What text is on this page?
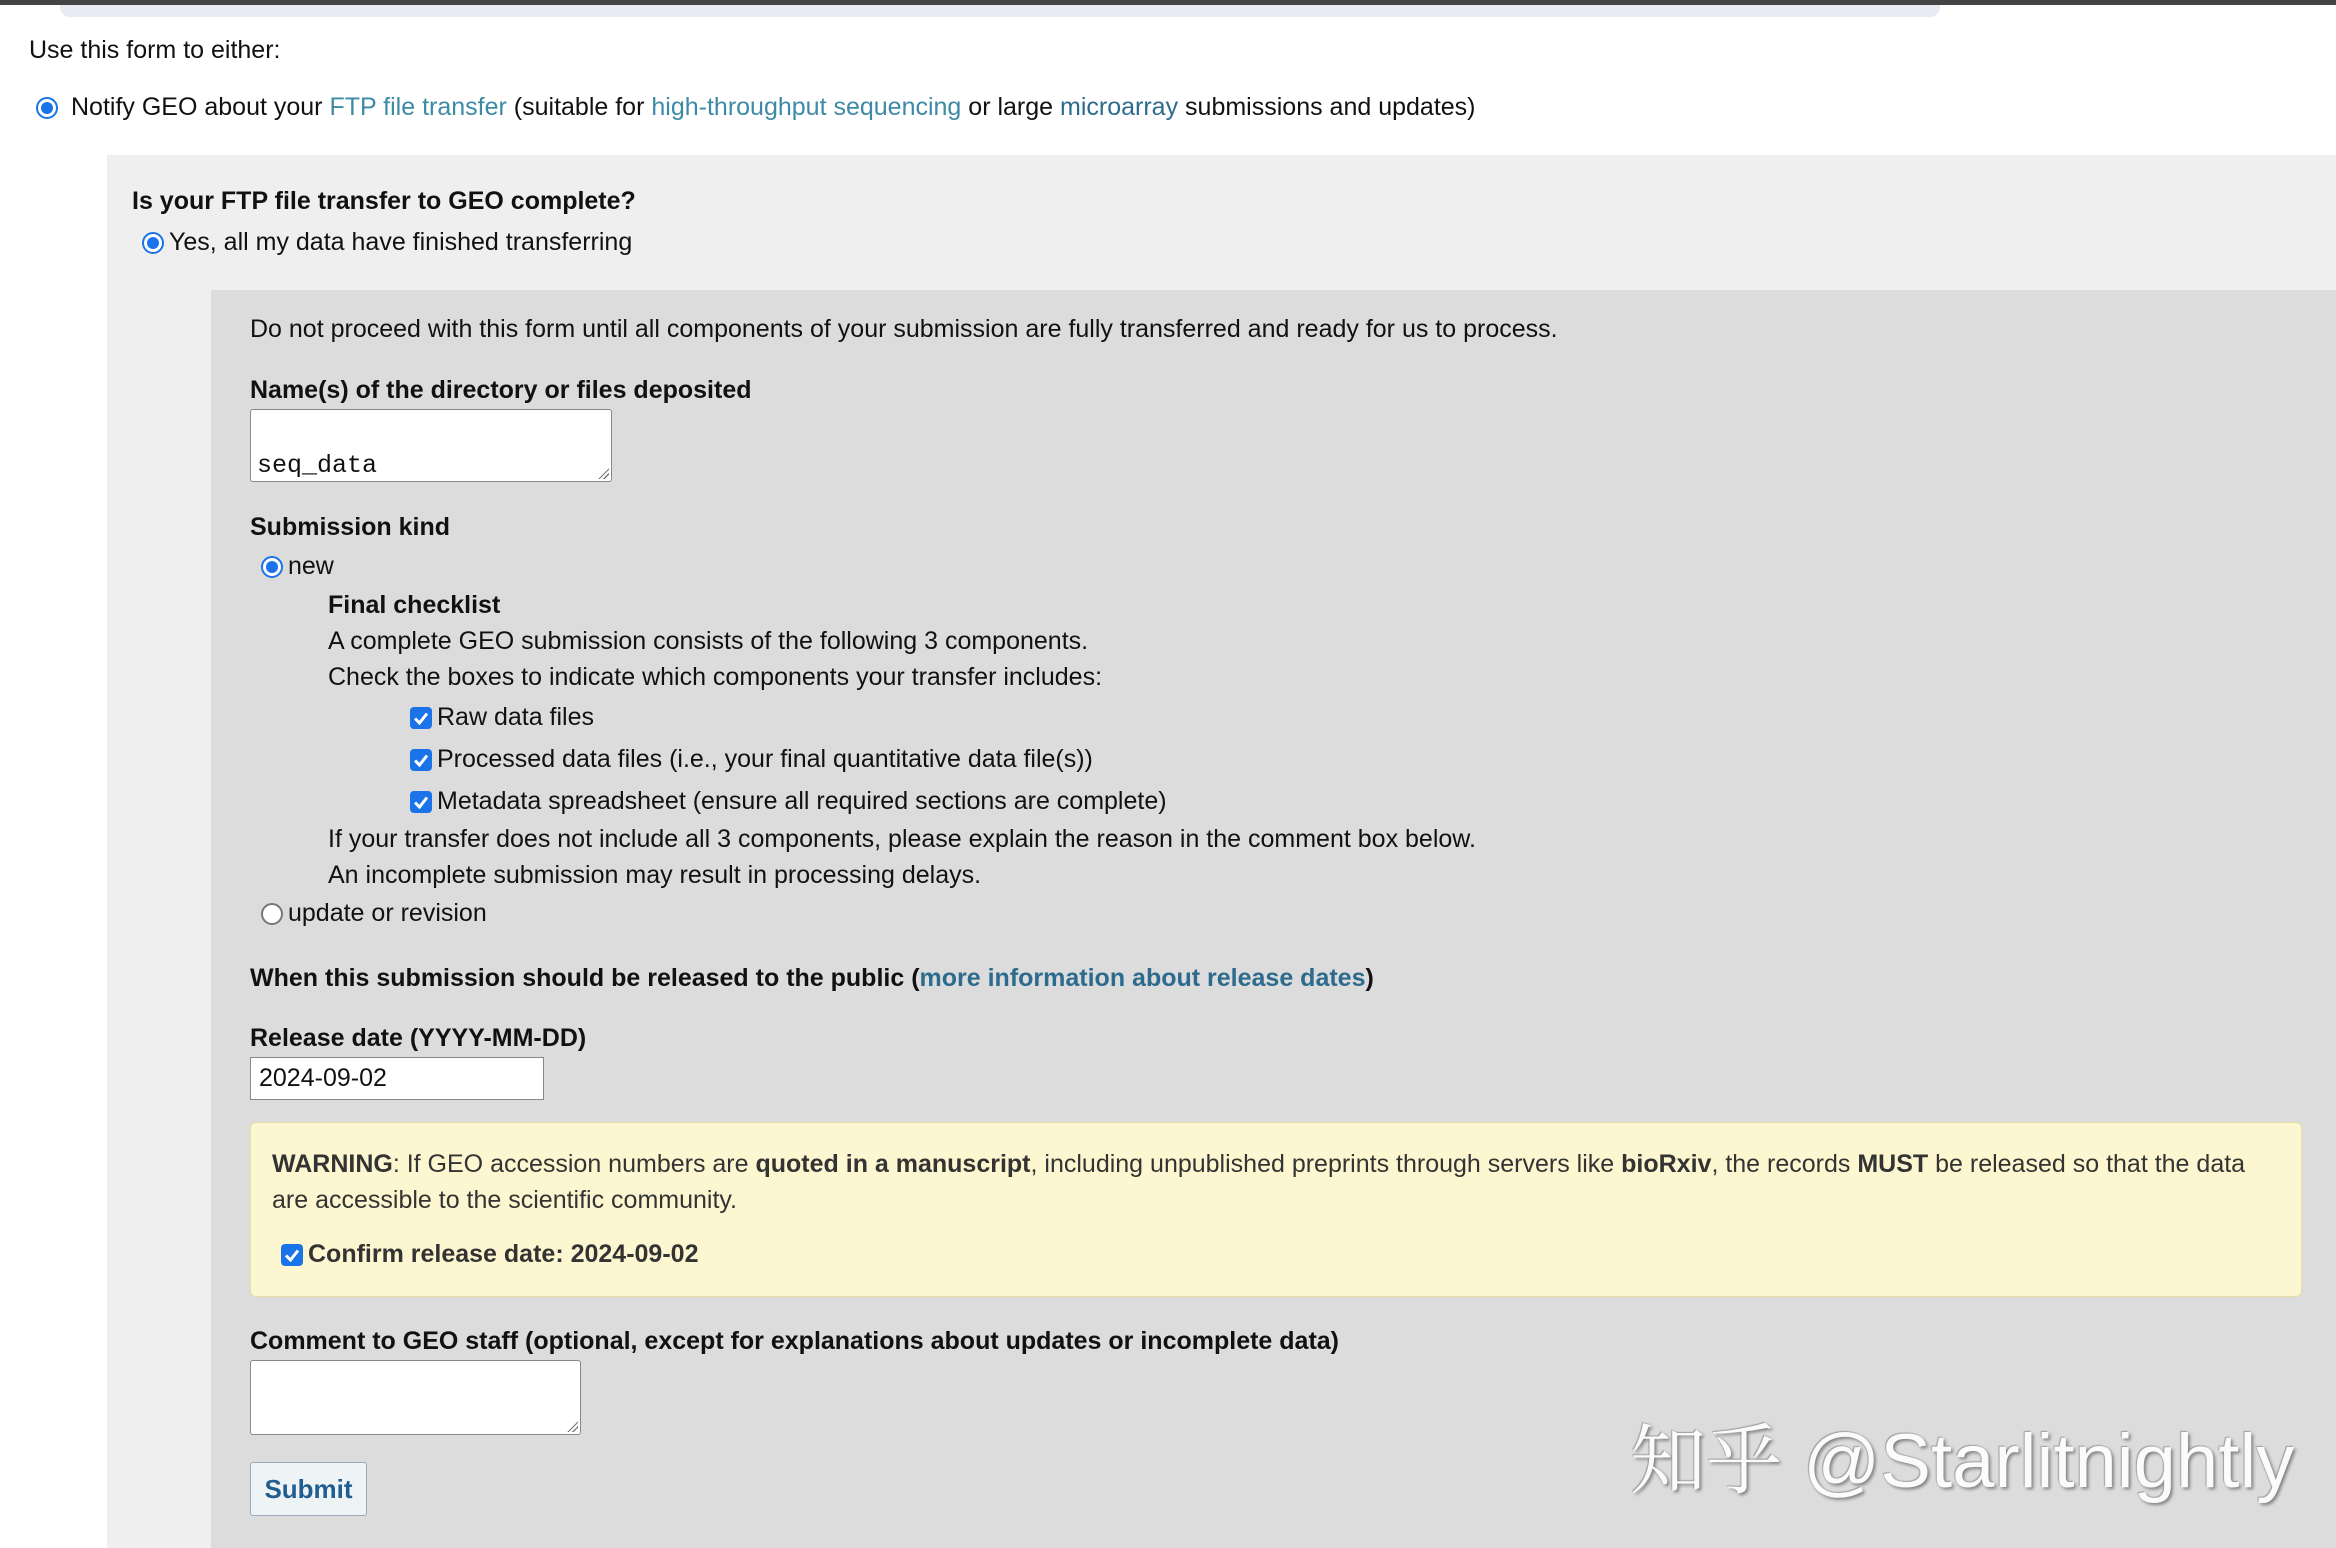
Use this form to either:
Notify GEO about your FTP file transfer (suitable for high-throughput sequencing or large microarray submissions and updates)
Is your FTP file transfer to GEO complete?
Yes, all my data have finished transferring
Do not proceed with this form until all components of your submission are fully transferred and ready for us to process.
Name(s) of the directory or files deposited

seq_data

Submission kind
new
Final checklist
A complete GEO submission consists of the following 3 components.
Check the boxes to indicate which components your transfer includes:
Raw data files
Processed data files (i.e., your final quantitative data file(s))
Metadata spreadsheet (ensure all required sections are complete)
If your transfer does not include all 3 components, please explain the reason in the comment box below.
An incomplete submission may result in processing delays.
update or revision
When this submission should be released to the public (more information about release dates)
Release date (YYYY-MM-DD)
2024-09-02
WARNING: If GEO accession numbers are quoted in a manuscript, including unpublished preprints through servers like bioRxiv, the records MUST be released so that the data are accessible to the scientific community.
Confirm release date: 2024-09-02
Comment to GEO staff (optional, except for explanations about updates or incomplete data)
Submit	知乎 @Starlitnightly
